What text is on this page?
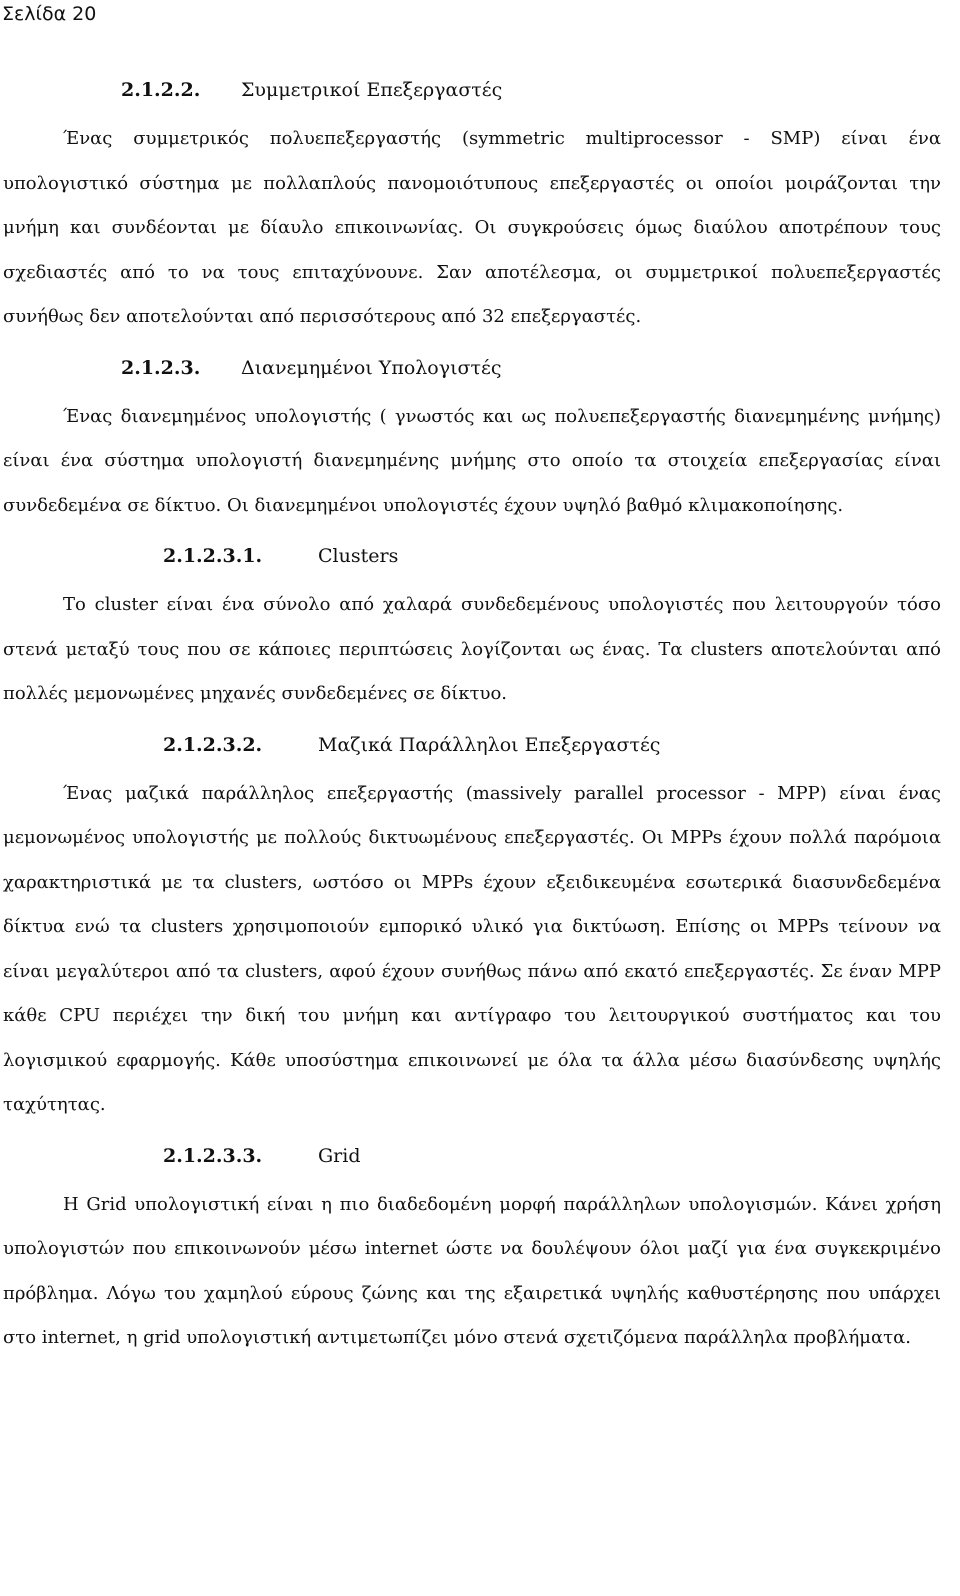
Σελίδα 20
2.1.2.2.	Συμμετρικοί Επεξεργαστές

Ένας συμμετρικός πολυεπεξεργαστής (symmetric multiprocessor - SMP) είναι ένα υπολογιστικό σύστημα με πολλαπλούς πανομοιότυπους επεξεργαστές οι οποίοι μοιράζονται την μνήμη και συνδέονται με δίαυλο επικοινωνίας. Οι συγκρούσεις όμως διαύλου αποτρέπουν τους σχεδιαστές από το να τους επιταχύνουνε. Σαν αποτέλεσμα, οι συμμετρικοί πολυεπεξεργαστές συνήθως δεν αποτελούνται από περισσότερους από 32 επεξεργαστές.

2.1.2.3.	Διανεμημένοι Υπολογιστές

Ένας διανεμημένος υπολογιστής ( γνωστός και ως πολυεπεξεργαστής διανεμημένης μνήμης) είναι ένα σύστημα υπολογιστή διανεμημένης μνήμης στο οποίο τα στοιχεία επεξεργασίας είναι συνδεδεμένα σε δίκτυο. Οι διανεμημένοι υπολογιστές έχουν υψηλό βαθμό κλιμακοποίησης.

2.1.2.3.1.	Clusters

Το cluster είναι ένα σύνολο από χαλαρά συνδεδεμένους υπολογιστές που λειτουργούν τόσο στενά μεταξύ τους που σε κάποιες περιπτώσεις λογίζονται ως ένας. Τα clusters αποτελούνται από πολλές μεμονωμένες μηχανές συνδεδεμένες σε δίκτυο.

2.1.2.3.2.	Μαζικά Παράλληλοι Επεξεργαστές

Ένας μαζικά παράλληλος επεξεργαστής (massively parallel processor - MPP) είναι ένας μεμονωμένος υπολογιστής με πολλούς δικτυωμένους επεξεργαστές. Οι MPPs έχουν πολλά παρόμοια χαρακτηριστικά με τα clusters, ωστόσο οι MPPs έχουν εξειδικευμένα εσωτερικά διασυνδεδεμένα δίκτυα ενώ τα clusters χρησιμοποιούν εμπορικό υλικό για δικτύωση. Επίσης οι MPPs τείνουν να είναι μεγαλύτεροι από τα clusters, αφού έχουν συνήθως πάνω από εκατό επεξεργαστές. Σε έναν MPP κάθε CPU περιέχει την δική του μνήμη και αντίγραφο του λειτουργικού συστήματος και του λογισμικού εφαρμογής. Κάθε υποσύστημα επικοινωνεί με όλα τα άλλα μέσω διασύνδεσης υψηλής ταχύτητας.

2.1.2.3.3.	Grid

Η Grid υπολογιστική είναι η πιο διαδεδομένη μορφή παράλληλων υπολογισμών. Κάνει χρήση υπολογιστών που επικοινωνούν μέσω internet ώστε να δουλέψουν όλοι μαζί για ένα συγκεκριμένο πρόβλημα. Λόγω του χαμηλού εύρους ζώνης και της εξαιρετικά υψηλής καθυστέρησης που υπάρχει στο internet, η grid υπολογιστική αντιμετωπίζει μόνο στενά σχετιζόμενα παράλληλα προβλήματα.
